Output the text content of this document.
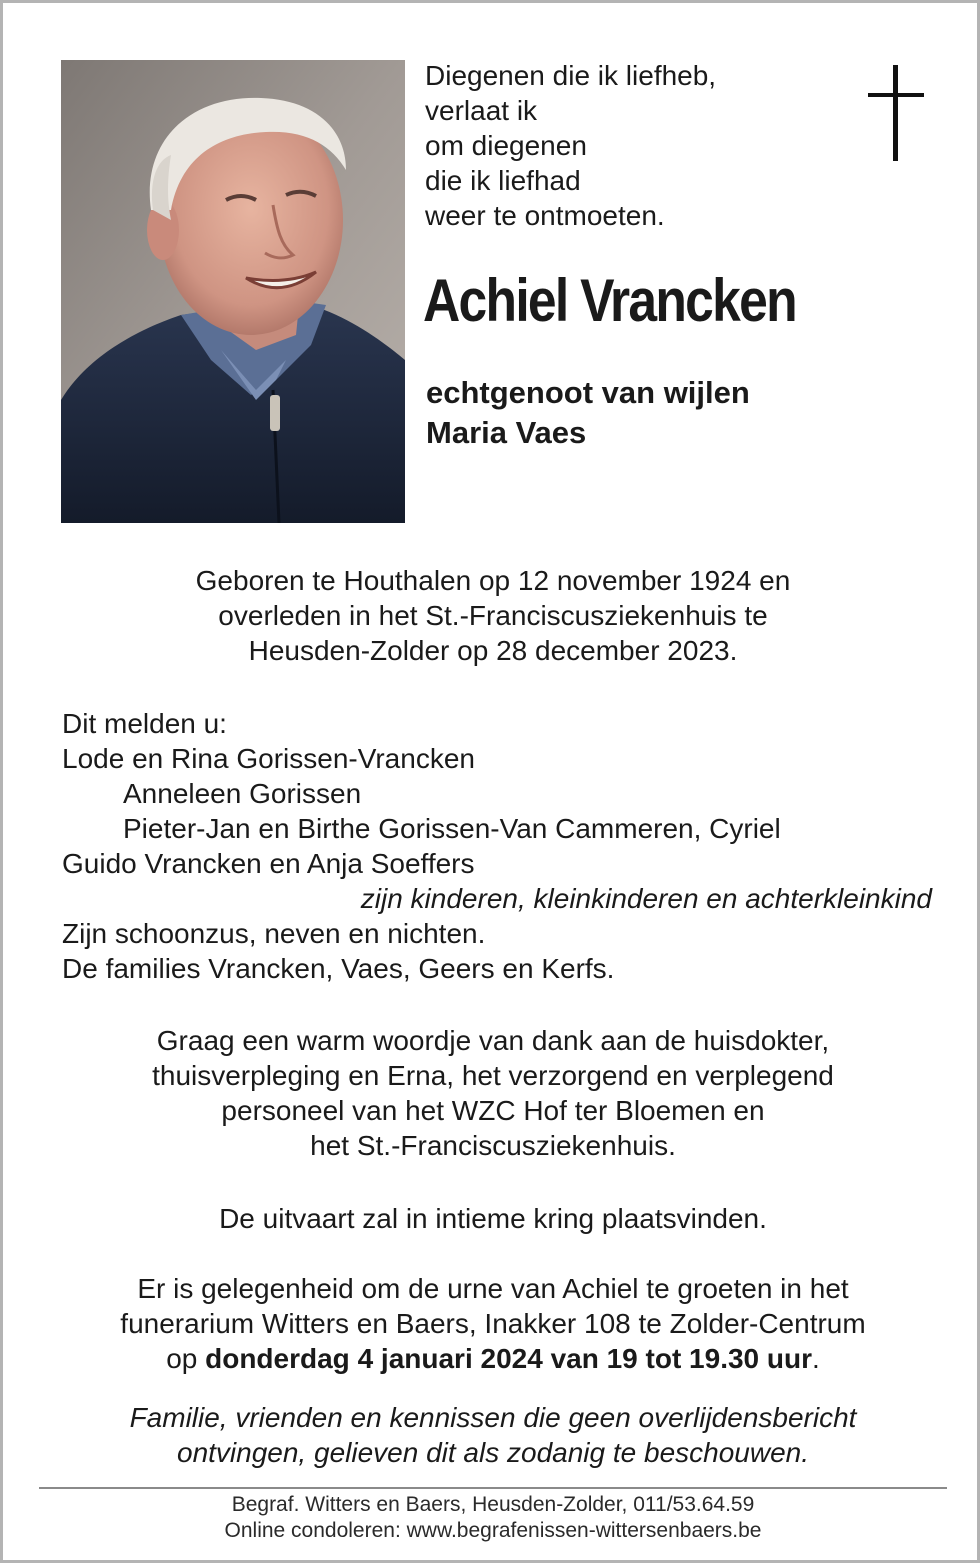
Diegenen die ik liefheb,
verlaat ik
om diegenen
die ik liefhad
weer te ontmoeten.
Achiel Vrancken
echtgenoot van wijlen
Maria Vaes
Geboren te Houthalen op 12 november 1924 en
overleden in het St.-Franciscusziekenhuis te
Heusden-Zolder op 28 december 2023.
Dit melden u:
Lode en Rina Gorissen-Vrancken
Anneleen Gorissen
Pieter-Jan en Birthe Gorissen-Van Cammeren, Cyriel
Guido Vrancken en Anja Soeffers
zijn kinderen, kleinkinderen en achterkleinkind
Zijn schoonzus, neven en nichten.
De families Vrancken, Vaes, Geers en Kerfs.
Graag een warm woordje van dank aan de huisdokter,
thuisverpleging en Erna, het verzorgend en verplegend
personeel van het WZC Hof ter Bloemen en
het St.-Franciscusziekenhuis.
De uitvaart zal in intieme kring plaatsvinden.
Er is gelegenheid om de urne van Achiel te groeten in het
funerarium Witters en Baers, Inakker 108 te Zolder-Centrum
op donderdag 4 januari 2024 van 19 tot 19.30 uur.
Familie, vrienden en kennissen die geen overlijdensbericht
ontvingen, gelieven dit als zodanig te beschouwen.
Begraf. Witters en Baers, Heusden-Zolder, 011/53.64.59
Online condoleren: www.begrafenissen-wittersenbaers.be
